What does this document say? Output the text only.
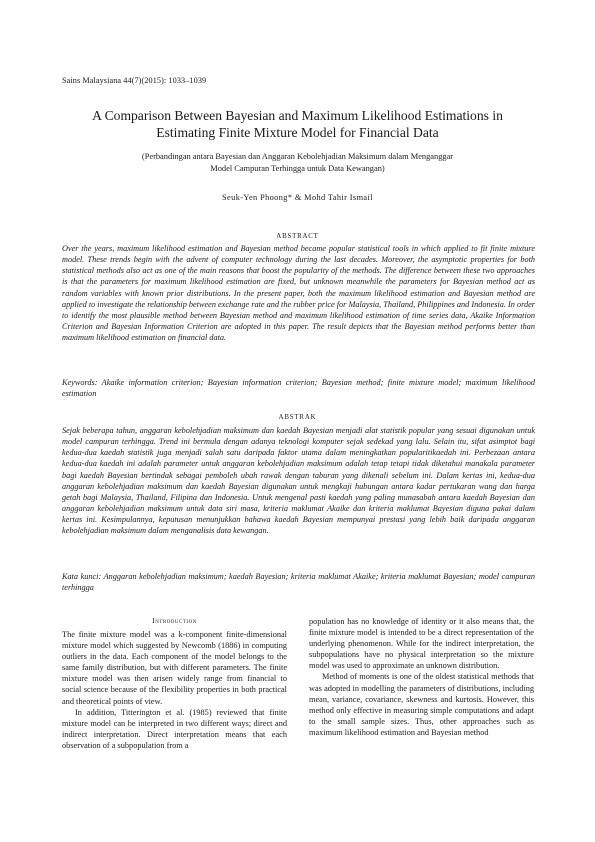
Sains Malaysiana 44(7)(2015): 1033–1039
A Comparison Between Bayesian and Maximum Likelihood Estimations in
Estimating Finite Mixture Model for Financial Data
(Perbandingan antara Bayesian dan Anggaran Kebolehjadian Maksimum dalam Menganggar
Model Campuran Terhingga untuk Data Kewangan)
Seuk-Yen Phoong* & Mohd Tahir Ismail
ABSTRACT
Over the years, maximum likelihood estimation and Bayesian method became popular statistical tools in which applied to fit finite mixture model. These trends begin with the advent of computer technology during the last decades. Moreover, the asymptotic properties for both statistical methods also act as one of the main reasons that boost the popularity of the methods. The difference between these two approaches is that the parameters for maximum likelihood estimation are fixed, but unknown meanwhile the parameters for Bayesian method act as random variables with known prior distributions. In the present paper, both the maximum likelihood estimation and Bayesian method are applied to investigate the relationship between exchange rate and the rubber price for Malaysia, Thailand, Philippines and Indonesia. In order to identify the most plausible method between Bayesian method and maximum likelihood estimation of time series data, Akaike Information Criterion and Bayesian Information Criterion are adopted in this paper. The result depicts that the Bayesian method performs better than maximum likelihood estimation on financial data.
Keywords: Akaike information criterion; Bayesian information criterion; Bayesian method; finite mixture model; maximum likelihood estimation
ABSTRAK
Sejak beberapa tahun, anggaran kebolehjadian maksimum dan kaedah Bayesian menjadi alat statistik popular yang sesuai digunakan untuk model campuran terhingga. Trend ini bermula dengan adanya teknologi komputer sejak sedekad yang lalu. Selain itu, sifat asimptot bagi kedua-dua kaedah statistik juga menjadi salah satu daripada faktor utama dalam meningkatkan popularitikaedah ini. Perbezaan antara kedua-dua kaedah ini adalah parameter untuk anggaran kebolehjadian maksimum adalah tetap tetapi tidak diketahui manakala parameter bagi kaedah Bayesian bertindak sebagai pemboleh ubah rawak dengan taburan yang dikenali sebelum ini. Dalam kertas ini, kedua-dua anggaran kebolehjadian maksimum dan kaedah Bayesian digunakan untuk mengkaji hubungan antara kadar pertukaran wang dan harga getah bagi Malaysia, Thailand, Filipina dan Indonesia. Untuk mengenal pasti kaedah yang paling munasabah antara kaedah Bayesian dan anggaran kebolehjadian maksimum untuk data siri masa, kriteria maklumat Akaike dan kriteria maklumat Bayesian diguna pakai dalam kertas ini. Kesimpulannya, keputusan menunjukkan bahawa kaedah Bayesian mempunyai prestasi yang lebih baik daripada anggaran kebolehjadian maksimum dalam menganalisis data kewangan.
Kata kunci: Anggaran kebolehjadian maksimum; kaedah Bayesian; kriteria maklumat Akaike; kriteria maklumat Bayesian; model campuran terhingga
Introduction

The finite mixture model was a k-component finite-dimensional mixture model which suggested by Newcomb (1886) in computing outliers in the data. Each component of the model belongs to the same family distribution, but with different parameters. The finite mixture model was then arisen widely range from financial to social science because of the flexibility properties in both practical and theoretical points of view.

In addition, Titterington et al. (1985) reviewed that finite mixture model can be interpreted in two different ways; direct and indirect interpretation. Direct interpretation means that each observation of a subpopulation from a

population has no knowledge of identity or it also means that, the finite mixture model is intended to be a direct representation of the underlying phenomenon. While for the indirect interpretation, the subpopulations have no physical interpretation so the mixture model was used to approximate an unknown distribution.

Method of moments is one of the oldest statistical methods that was adopted in modelling the parameters of distributions, including mean, variance, covariance, skewness and kurtosis. However, this method only effective in measuring simple computations and adapt to the small sample sizes. Thus, other approaches such as maximum likelihood estimation and Bayesian method
